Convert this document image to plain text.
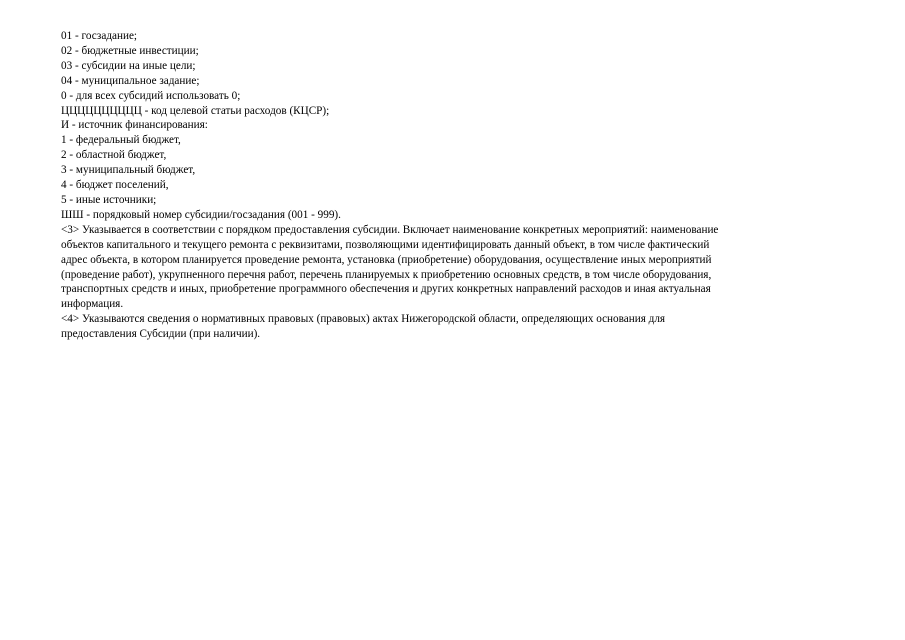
01 - госзадание;
02 - бюджетные инвестиции;
03 - субсидии на иные цели;
04 - муниципальное задание;
0 - для всех субсидий использовать 0;
ЦЦЦЦЦЦЦЦЦЦ - код целевой статьи расходов (КЦСР);
И - источник финансирования:
1 - федеральный бюджет,
2 - областной бюджет,
3 - муниципальный бюджет,
4 - бюджет поселений,
5 - иные источники;
ШШ - порядковый номер субсидии/госзадания (001 - 999).
<3> Указывается в соответствии с порядком предоставления субсидии. Включает наименование конкретных мероприятий: наименование
объектов капитального и текущего ремонта с реквизитами, позволяющими идентифицировать данный объект, в том числе фактический
адрес объекта, в котором планируется проведение ремонта, установка (приобретение) оборудования, осуществление иных мероприятий
(проведение работ), укрупненного перечня работ, перечень планируемых к приобретению основных средств, в том числе оборудования,
транспортных средств и иных, приобретение программного обеспечения и других конкретных направлений расходов и иная актуальная
информация.
<4> Указываются сведения о нормативных правовых (правовых) актах Нижегородской области, определяющих основания для
предоставления Субсидии (при наличии).
